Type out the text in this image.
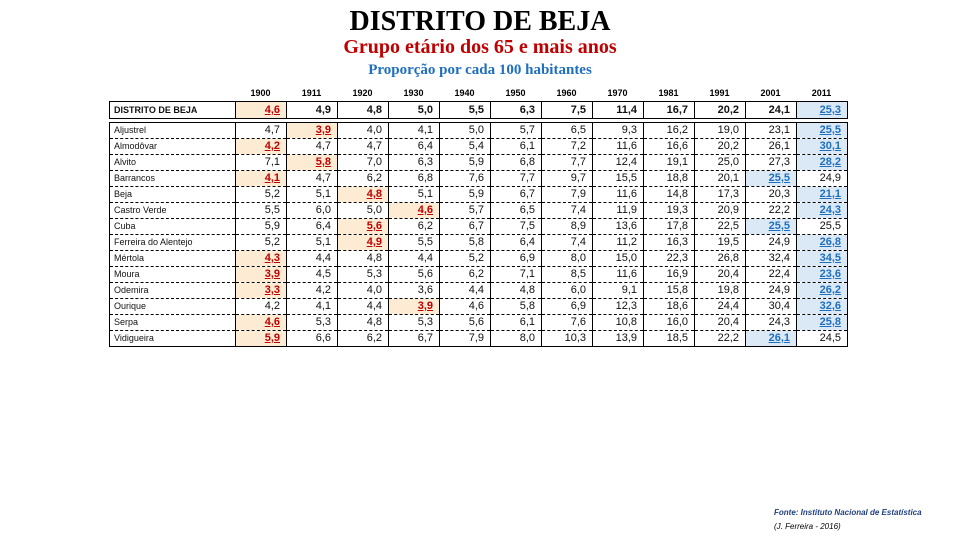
DISTRITO DE BEJA
Grupo etário dos 65 e mais anos
Proporção por cada 100 habitantes
1900	1911	1920	1930	1940	1950	1960	1970	1981	1991	2001	2011
DISTRITO DE BEJA	4,6	4,9	4,8	5,0	5,5	6,3	7,5	11,4	16,7	20,2	24,1	25,3
Aljustrel	4,7	3,9	4,0	4,1	5,0	5,7	6,5	9,3	16,2	19,0	23,1	25,5
Almodôvar	4,2	4,7	4,7	6,4	5,4	6,1	7,2	11,6	16,6	20,2	26,1	30,1
Alvito	7,1	5,8	7,0	6,3	5,9	6,8	7,7	12,4	19,1	25,0	27,3	28,2
Barrancos	4,1	4,7	6,2	6,8	7,6	7,7	9,7	15,5	18,8	20,1	25,5	24,9
Beja	5,2	5,1	4,8	5,1	5,9	6,7	7,9	11,6	14,8	17,3	20,3	21,1
Castro Verde	5,5	6,0	5,0	4,6	5,7	6,5	7,4	11,9	19,3	20,9	22,2	24,3
Cuba	5,9	6,4	5,6	6,2	6,7	7,5	8,9	13,6	17,8	22,5	25,5	25,5
Ferreira do Alentejo	5,2	5,1	4,9	5,5	5,8	6,4	7,4	11,2	16,3	19,5	24,9	26,8
Mértola	4,3	4,4	4,8	4,4	5,2	6,9	8,0	15,0	22,3	26,8	32,4	34,5
Moura	3,9	4,5	5,3	5,6	6,2	7,1	8,5	11,6	16,9	20,4	22,4	23,6
Odemira	3,3	4,2	4,0	3,6	4,4	4,8	6,0	9,1	15,8	19,8	24,9	26,2
Ourique	4,2	4,1	4,4	3,9	4,6	5,8	6,9	12,3	18,6	24,4	30,4	32,6
Serpa	4,6	5,3	4,8	5,3	5,6	6,1	7,6	10,8	16,0	20,4	24,3	25,8
Vidigueira	5,9	6,6	6,2	6,7	7,9	8,0	10,3	13,9	18,5	22,2	26,1	24,5
Fonte: Instituto Nacional de Estatística
(J. Ferreira - 2016)
